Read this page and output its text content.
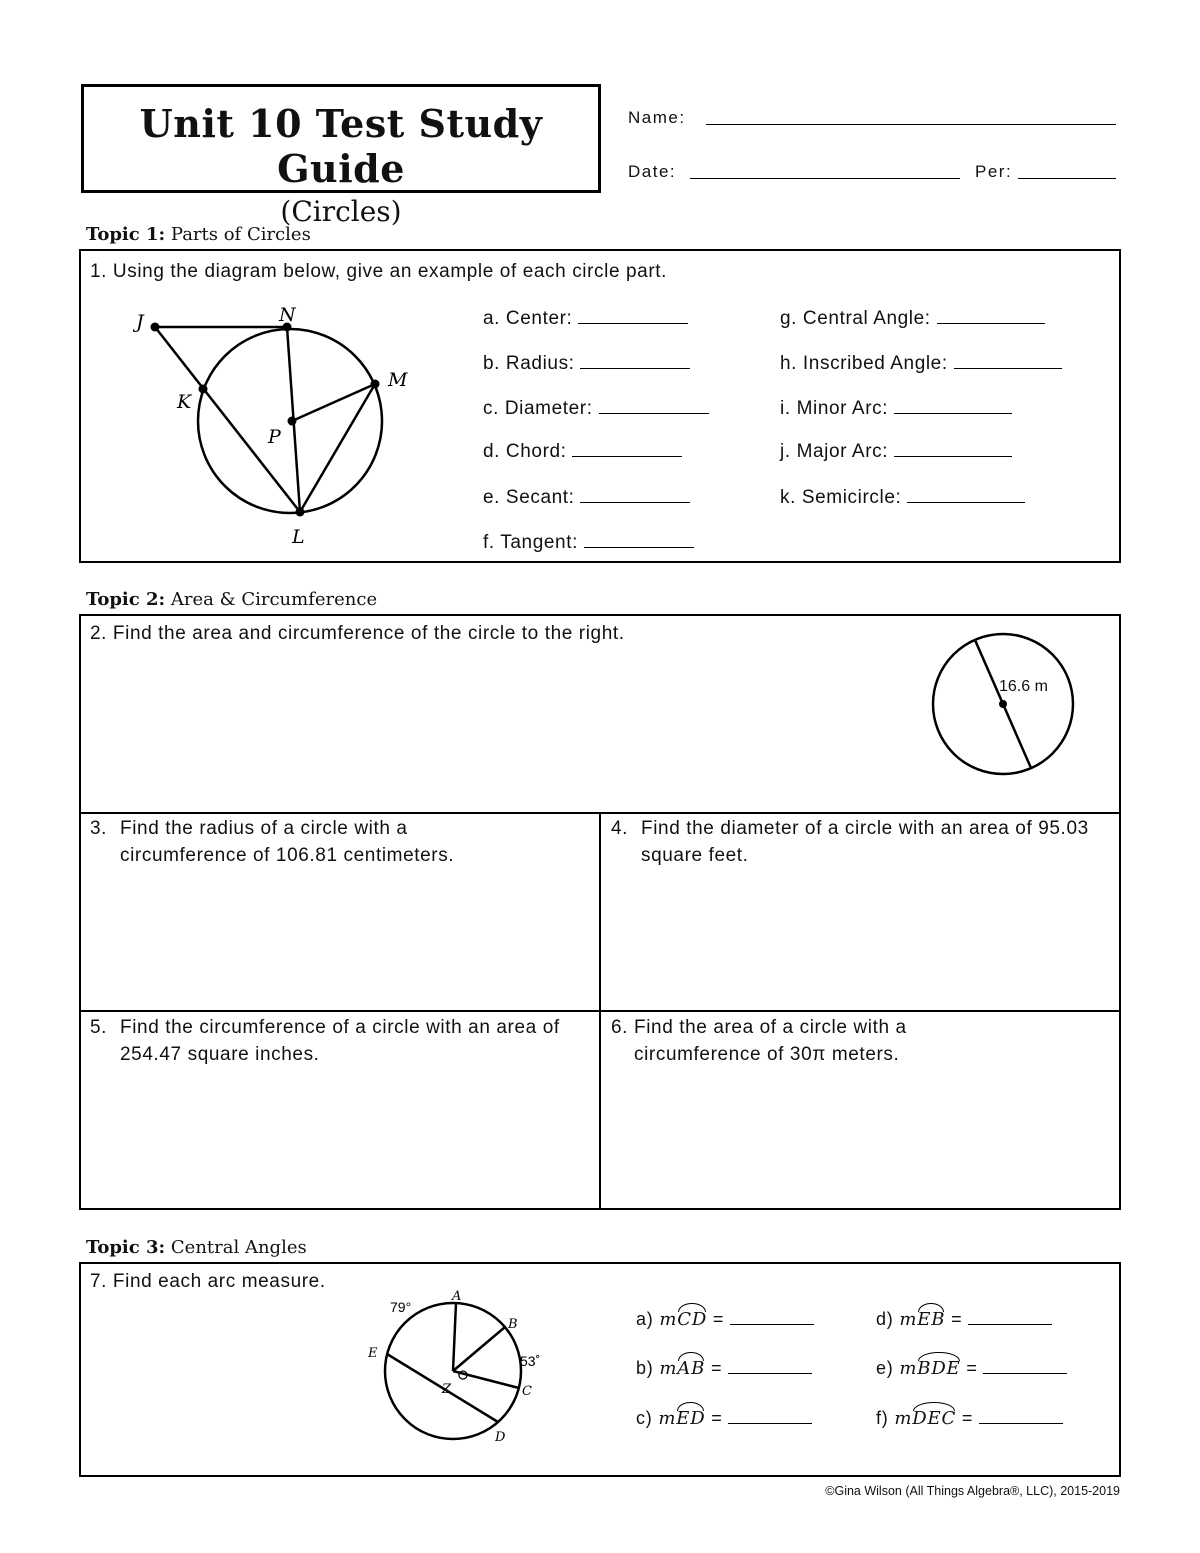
Unit 10 Test Study Guide
(Circles)
Name:
Date:	Per:
Topic 1: Parts of Circles
1. Using the diagram below, give an example of each circle part.
J	N
M
K
P
L
a. Center:
b. Radius:
c. Diameter:
d. Chord:
e. Secant:
f. Tangent:
g. Central Angle:
h. Inscribed Angle:
i. Minor Arc:
j. Major Arc:
k. Semicircle:
Topic 2: Area & Circumference
2. Find the area and circumference of the circle to the right.
16.6 m
3. Find the radius of a circle with a circumference of 106.81 centimeters.
4. Find the diameter of a circle with an area of 95.03 square feet.
5. Find the circumference of a circle with an area of 254.47 square inches.
6. Find the area of a circle with a circumference of 30π meters.
Topic 3: Central Angles
7. Find each arc measure.
A
B
C
D
E
Z
79°
53˚
a) mCD =
b) mAB =
c) mED =
d) mEB =
e) mBDE =
f) mDEC =
©Gina Wilson (All Things Algebra®, LLC), 2015-2019
